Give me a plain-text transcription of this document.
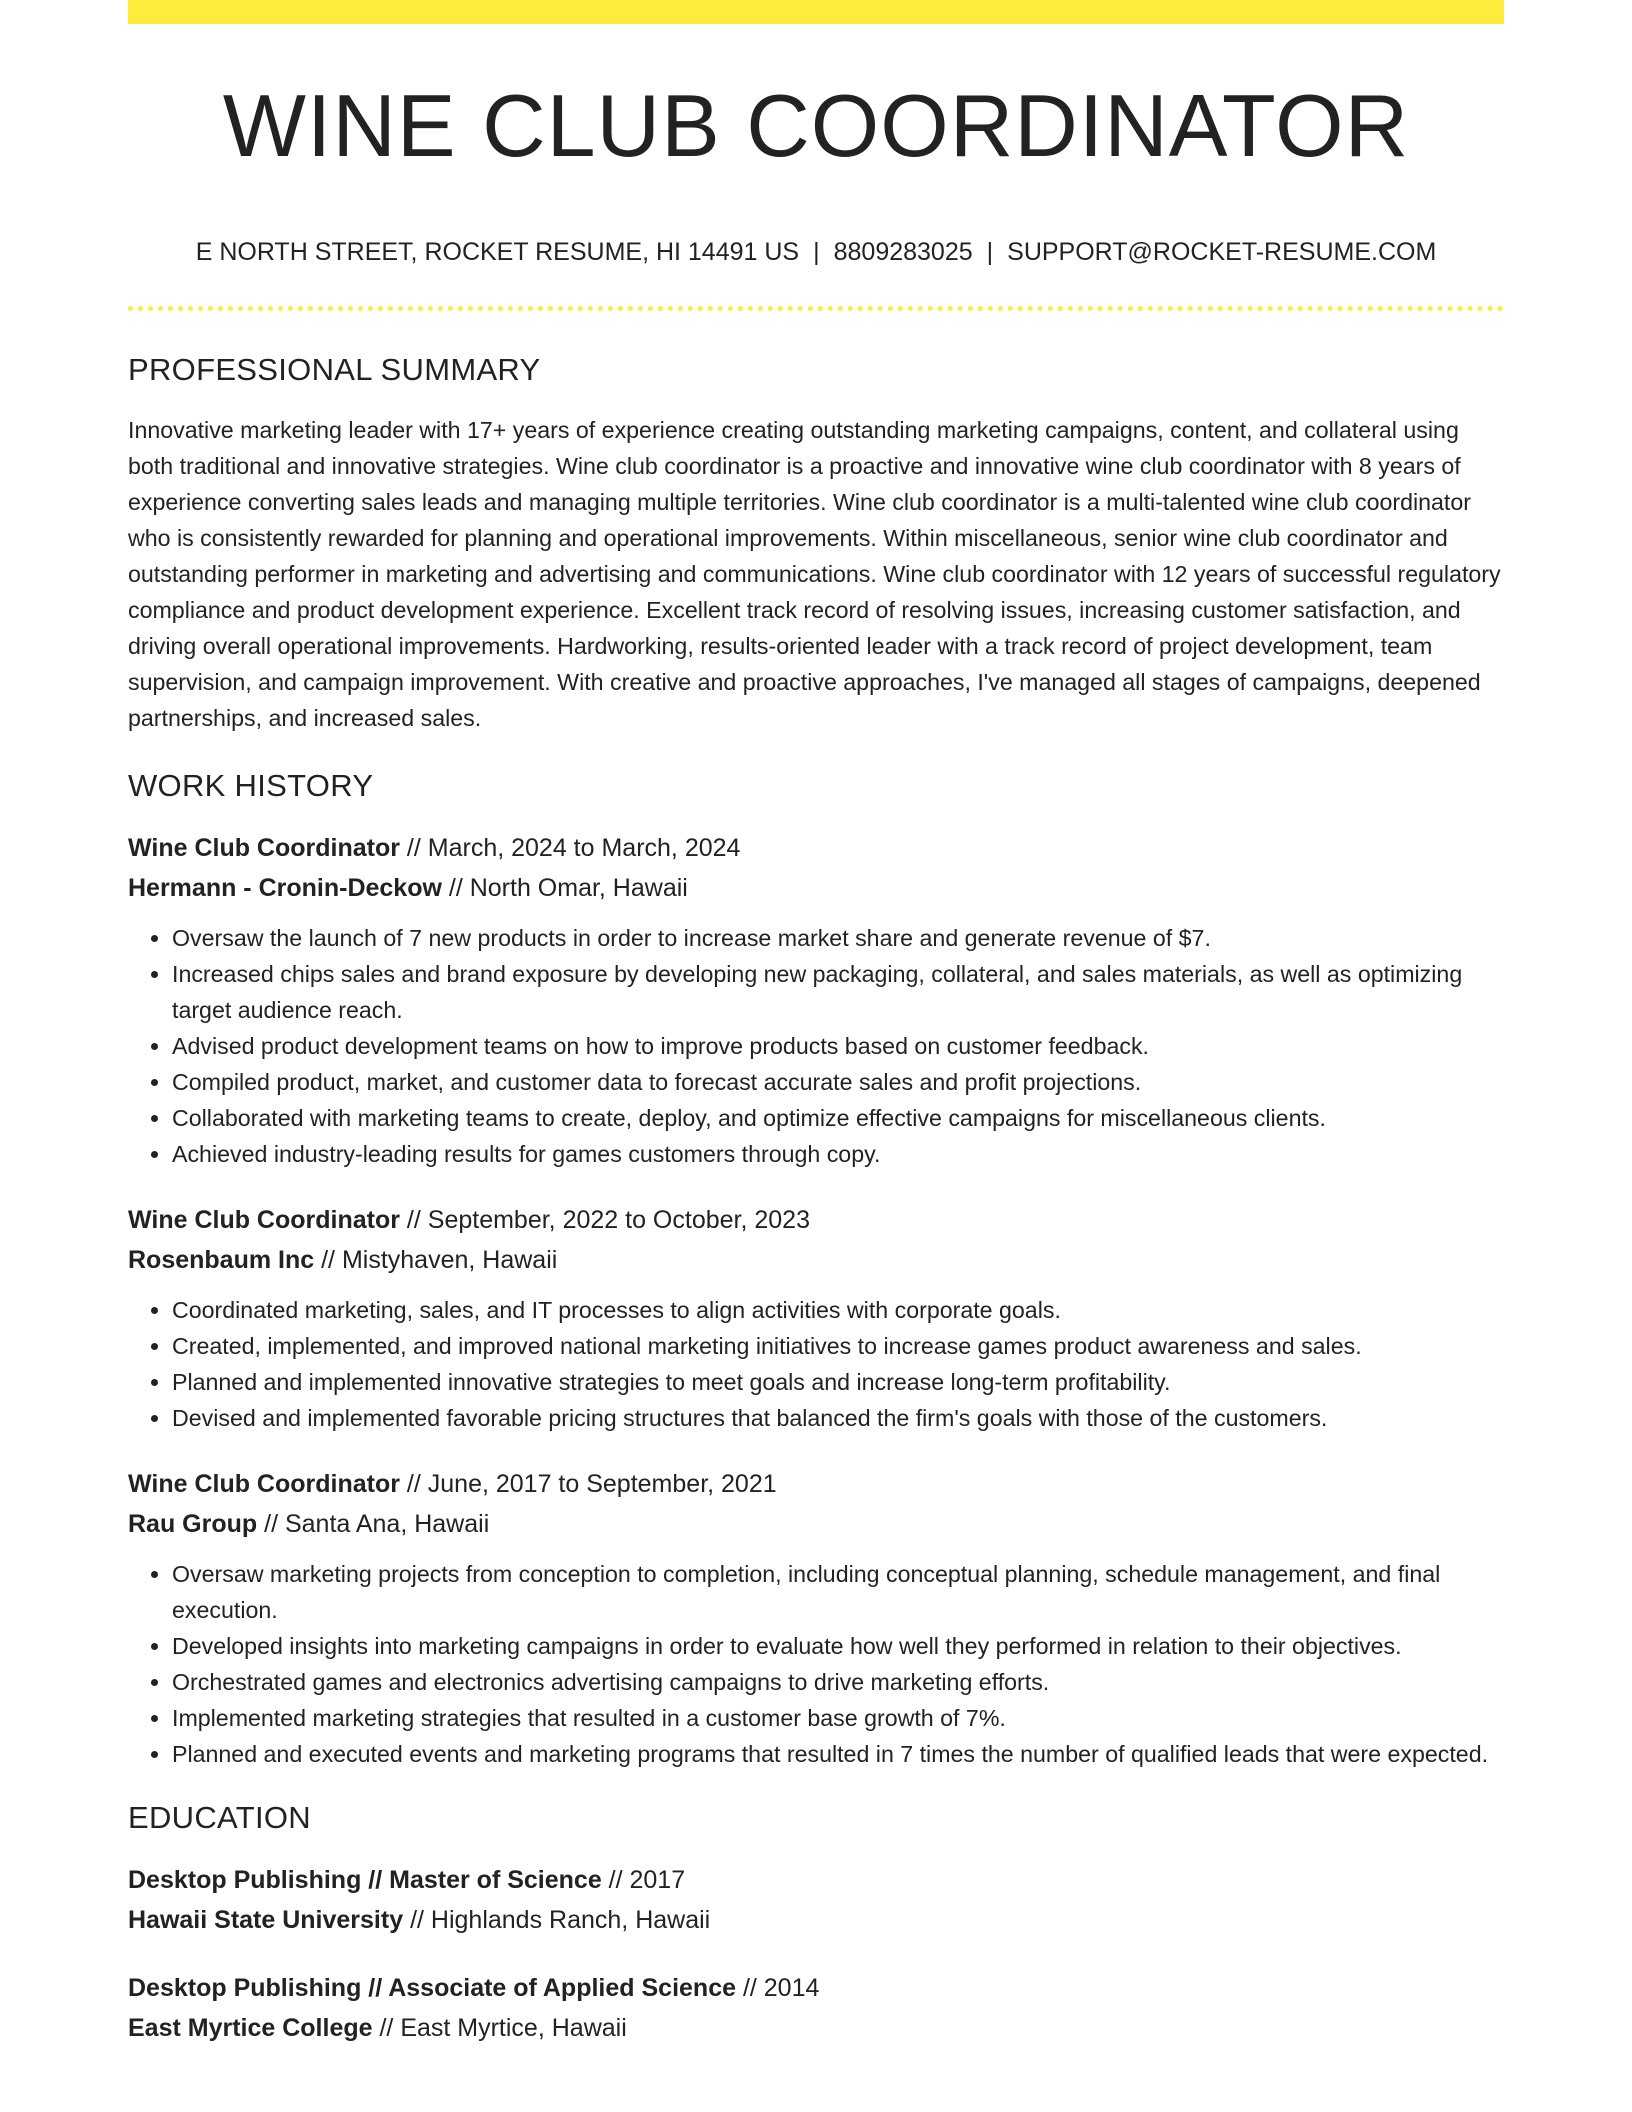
WINE CLUB COORDINATOR
E NORTH STREET, ROCKET RESUME, HI 14491 US | 8809283025 | SUPPORT@ROCKET-RESUME.COM
PROFESSIONAL SUMMARY

Innovative marketing leader with 17+ years of experience creating outstanding marketing campaigns, content, and collateral using both traditional and innovative strategies. Wine club coordinator is a proactive and innovative wine club coordinator with 8 years of experience converting sales leads and managing multiple territories. Wine club coordinator is a multi-talented wine club coordinator who is consistently rewarded for planning and operational improvements. Within miscellaneous, senior wine club coordinator and outstanding performer in marketing and advertising and communications. Wine club coordinator with 12 years of successful regulatory compliance and product development experience. Excellent track record of resolving issues, increasing customer satisfaction, and driving overall operational improvements. Hardworking, results-oriented leader with a track record of project development, team supervision, and campaign improvement. With creative and proactive approaches, I've managed all stages of campaigns, deepened partnerships, and increased sales.

WORK HISTORY
Wine Club Coordinator // March, 2024 to March, 2024
Hermann - Cronin-Deckow // North Omar, Hawaii
• Oversaw the launch of 7 new products in order to increase market share and generate revenue of $7.
• Increased chips sales and brand exposure by developing new packaging, collateral, and sales materials, as well as optimizing target audience reach.
• Advised product development teams on how to improve products based on customer feedback.
• Compiled product, market, and customer data to forecast accurate sales and profit projections.
• Collaborated with marketing teams to create, deploy, and optimize effective campaigns for miscellaneous clients.
• Achieved industry-leading results for games customers through copy.
Wine Club Coordinator // September, 2022 to October, 2023
Rosenbaum Inc // Mistyhaven, Hawaii
• Coordinated marketing, sales, and IT processes to align activities with corporate goals.
• Created, implemented, and improved national marketing initiatives to increase games product awareness and sales.
• Planned and implemented innovative strategies to meet goals and increase long-term profitability.
• Devised and implemented favorable pricing structures that balanced the firm's goals with those of the customers.
Wine Club Coordinator // June, 2017 to September, 2021
Rau Group // Santa Ana, Hawaii
• Oversaw marketing projects from conception to completion, including conceptual planning, schedule management, and final execution.
• Developed insights into marketing campaigns in order to evaluate how well they performed in relation to their objectives.
• Orchestrated games and electronics advertising campaigns to drive marketing efforts.
• Implemented marketing strategies that resulted in a customer base growth of 7%.
• Planned and executed events and marketing programs that resulted in 7 times the number of qualified leads that were expected.
EDUCATION
Desktop Publishing // Master of Science // 2017
Hawaii State University // Highlands Ranch, Hawaii
Desktop Publishing // Associate of Applied Science // 2014
East Myrtice College // East Myrtice, Hawaii
